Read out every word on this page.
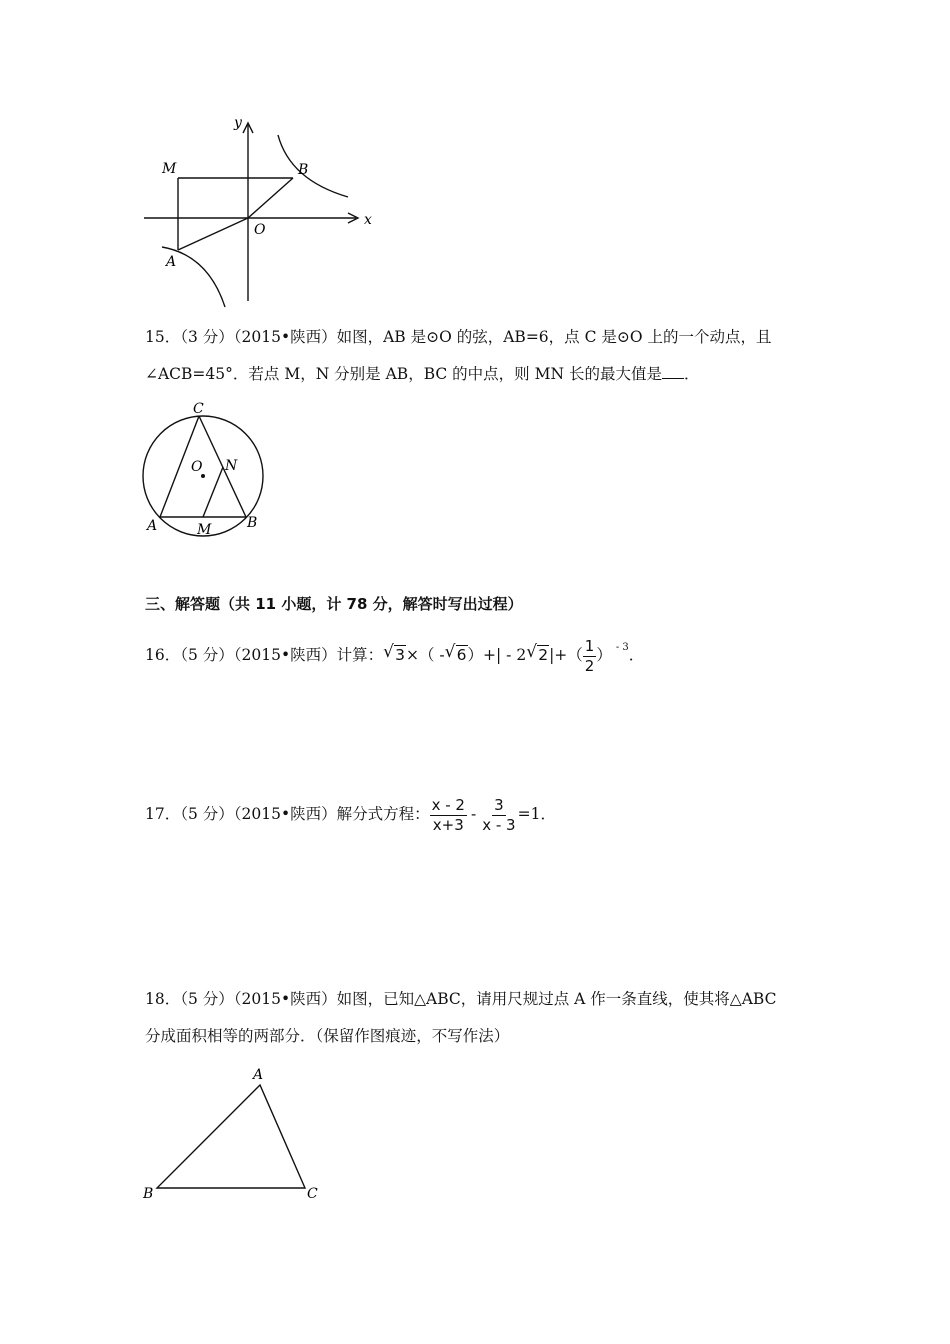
y
x
M	B
O
A
15．（3 分）（2015•陕西）如图，AB 是⊙O 的弦，AB=6，点 C 是⊙O 上的一个动点，且
∠ACB=45°．若点 M，N 分别是 AB，BC 的中点，则 MN 长的最大值是 ．
C
O N
A	M	B
三、解答题（共 11 小题，计 78 分，解答时写出过程）
16．（5 分）（2015•陕西）计算： √ 3×（ - √ 6）+| - 2 √ $2|+( \frac{1}{2}$ ） $^{- 3}$．
17．（5 分）（2015•陕西）解分式方程： $\frac{x - 2}{x+3} - \frac{3}{x - 3} =1$．
18．（5 分）（2015•陕西）如图，已知△ABC，请用尺规过点 A 作一条直线，使其将△ABC
分成面积相等的两部分．（保留作图痕迹，不写作法）
A
B	C
